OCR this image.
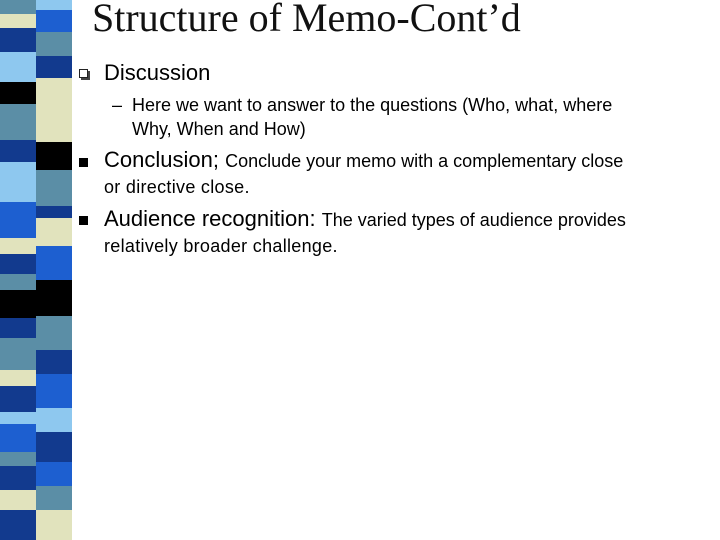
Structure of Memo-Cont’d
Discussion
– Here we want to answer to the questions (Who, what, where
Why, When and How)
Conclusion; Conclude your memo with a complementary close
or directive close.
Audience recognition: The varied types of audience provides
relatively broader challenge.
